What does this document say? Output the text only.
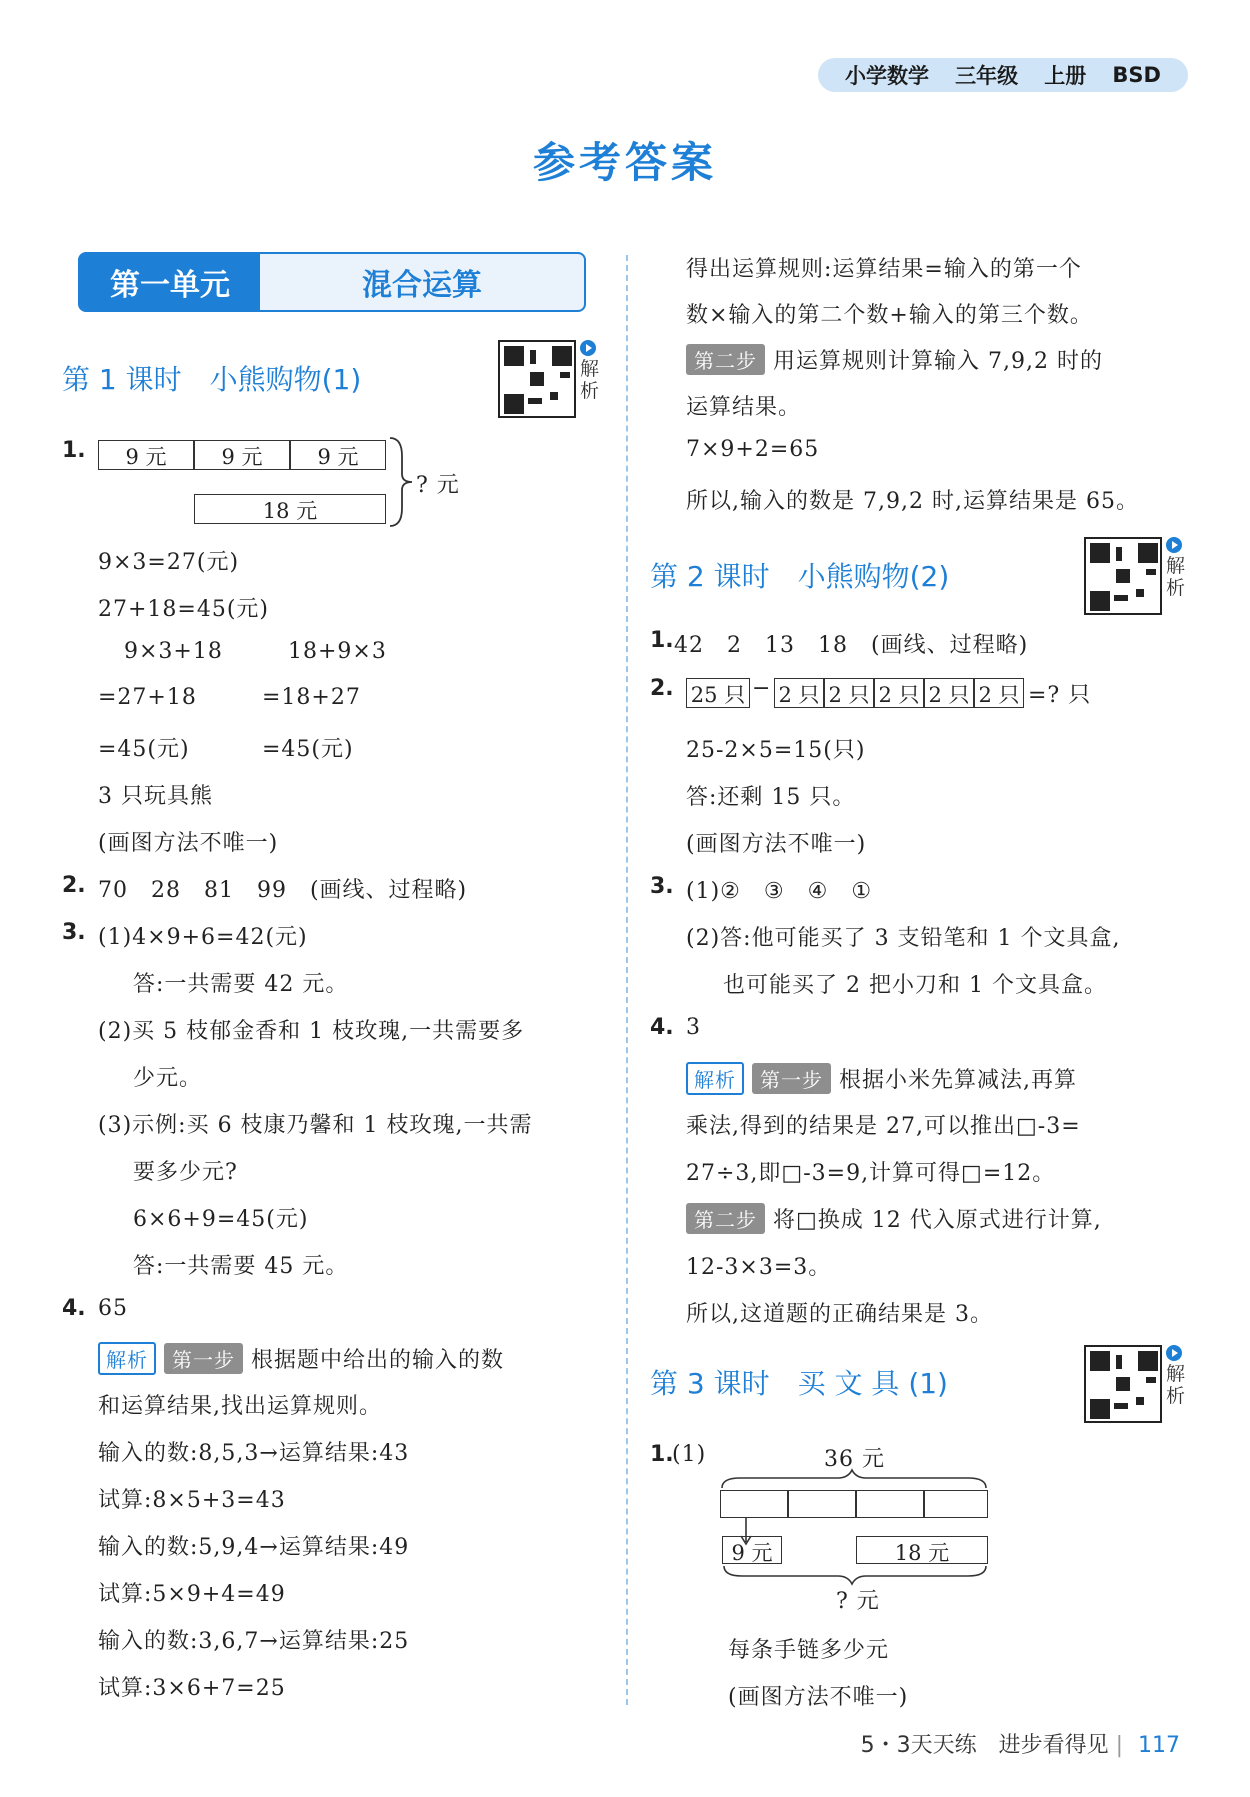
小学数学 三年级 上册 BSD
参考答案
第一单元	混合运算
第 1 课时　小熊购物(1)	解析
1.	9 元	9 元	9 元
18 元
? 元
9×3=27(元)
27+18=45(元)
9×3+18
=27+18
=45(元)
18+9×3
=18+27
=45(元)
3 只玩具熊
(画图方法不唯一)
2. 70　28　81　99　(画线、过程略)
3. (1)4×9+6=42(元)
　答:一共需要 42 元。
(2)买 5 枝郁金香和 1 枝玫瑰,一共需要多
　少元。
(3)示例:买 6 枝康乃馨和 1 枝玫瑰,一共需
　要多少元?
　6×6+9=45(元)
　答:一共需要 45 元。
4. 65
解析 第一步 根据题中给出的输入的数
和运算结果,找出运算规则。
输入的数:8,5,3→运算结果:43
试算:8×5+3=43
输入的数:5,9,4→运算结果:49
试算:5×9+4=49
输入的数:3,6,7→运算结果:25
试算:3×6+7=25
得出运算规则:运算结果=输入的第一个
数×输入的第二个数+输入的第三个数。
第二步 用运算规则计算输入 7,9,2 时的
运算结果。
7×9+2=65
所以,输入的数是 7,9,2 时,运算结果是 65。
第 2 课时　小熊购物(2)	解析
1. 42　2　13　18　(画线、过程略)
2. 25 只 − 2 只 2 只 2 只 2 只 2 只 =? 只
25-2×5=15(只)
答:还剩 15 只。
(画图方法不唯一)
3. (1)②　③　④　①
(2)答:他可能买了 3 支铅笔和 1 个文具盒,
　也可能买了 2 把小刀和 1 个文具盒。
4. 3
解析 第一步 根据小米先算减法,再算
乘法,得到的结果是 27,可以推出□-3=
27÷3,即□-3=9,计算可得□=12。
第二步 将□换成 12 代入原式进行计算,
12-3×3=3。
所以,这道题的正确结果是 3。
第 3 课时　买 文 具 (1)	解析
1.
(1)	36 元
9 元	18 元
? 元
每条手链多少元
(画图方法不唯一)
5・3天天练　进步看得见 | 117
